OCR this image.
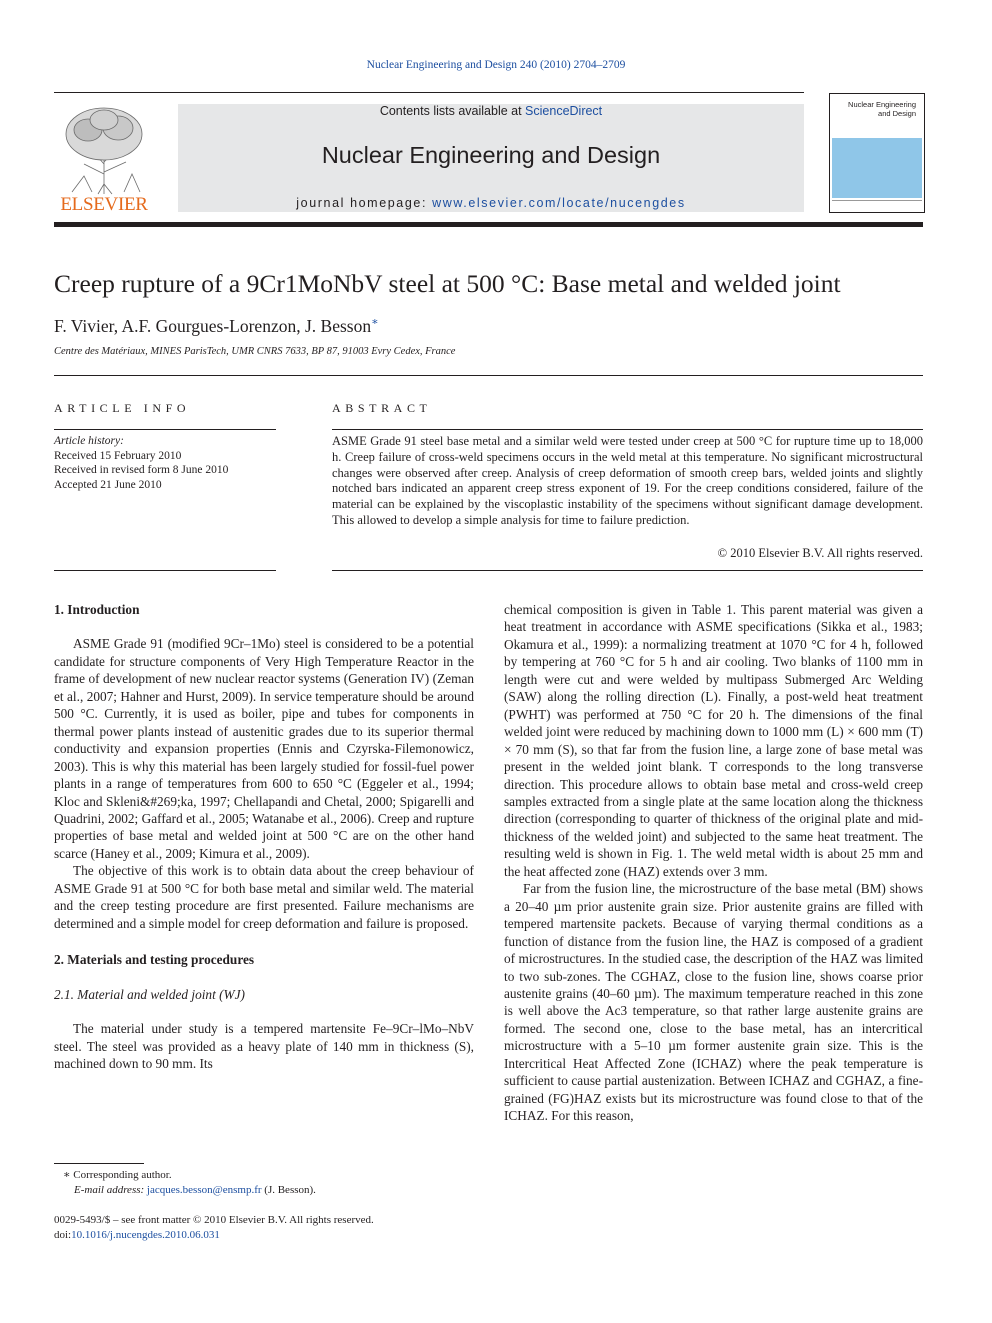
Nuclear Engineering and Design 240 (2010) 2704–2709
ELSEVIER
Contents lists available at ScienceDirect
Nuclear Engineering and Design
journal homepage: www.elsevier.com/locate/nucengdes
Nuclear Engineering and Design
Creep rupture of a 9Cr1MoNbV steel at 500 °C: Base metal and welded joint
F. Vivier, A.F. Gourgues-Lorenzon, J. Besson∗
Centre des Matériaux, MINES ParisTech, UMR CNRS 7633, BP 87, 91003 Evry Cedex, France
ARTICLE INFO
Article history:
Received 15 February 2010
Received in revised form 8 June 2010
Accepted 21 June 2010
ABSTRACT
ASME Grade 91 steel base metal and a similar weld were tested under creep at 500 °C for rupture time up to 18,000 h. Creep failure of cross-weld specimens occurs in the weld metal at this temperature. No significant microstructural changes were observed after creep. Analysis of creep deformation of smooth creep bars, welded joints and slightly notched bars indicated an apparent creep stress exponent of 19. For the creep conditions considered, failure of the material can be explained by the viscoplastic instability of the specimens without significant damage development. This allowed to develop a simple analysis for time to failure prediction.
© 2010 Elsevier B.V. All rights reserved.
1. Introduction

ASME Grade 91 (modified 9Cr–1Mo) steel is considered to be a potential candidate for structure components of Very High Temperature Reactor in the frame of development of new nuclear reactor systems (Generation IV) (Zeman et al., 2007; Hahner and Hurst, 2009). In service temperature should be around 500 °C. Currently, it is used as boiler, pipe and tubes for components in thermal power plants instead of austenitic grades due to its superior thermal conductivity and expansion properties (Ennis and Czyrska-Filemonowicz, 2003). This is why this material has been largely studied for fossil-fuel power plants in a range of temperatures from 600 to 650 °C (Eggeler et al., 1994; Kloc and Skleni&#269;ka, 1997; Chellapandi and Chetal, 2000; Spigarelli and Quadrini, 2002; Gaffard et al., 2005; Watanabe et al., 2006). Creep and rupture properties of base metal and welded joint at 500 °C are on the other hand scarce (Haney et al., 2009; Kimura et al., 2009).

The objective of this work is to obtain data about the creep behaviour of ASME Grade 91 at 500 °C for both base metal and similar weld. The material and the creep testing procedure are first presented. Failure mechanisms are determined and a simple model for creep deformation and failure is proposed.

2. Materials and testing procedures
2.1. Material and welded joint (WJ)

The material under study is a tempered martensite Fe–9Cr–lMo–NbV steel. The steel was provided as a heavy plate of 140 mm in thickness (S), machined down to 90 mm. Its

chemical composition is given in Table 1. This parent material was given a heat treatment in accordance with ASME specifications (Sikka et al., 1983; Okamura et al., 1999): a normalizing treatment at 1070 °C for 4 h, followed by tempering at 760 °C for 5 h and air cooling. Two blanks of 1100 mm in length were cut and were welded by multipass Submerged Arc Welding (SAW) along the rolling direction (L). Finally, a post-weld heat treatment (PWHT) was performed at 750 °C for 20 h. The dimensions of the final welded joint were reduced by machining down to 1000 mm (L) × 600 mm (T) × 70 mm (S), so that far from the fusion line, a large zone of base metal was present in the welded joint blank. T corresponds to the long transverse direction. This procedure allows to obtain base metal and cross-weld creep samples extracted from a single plate at the same location along the thickness direction (corresponding to quarter of thickness of the original plate and mid-thickness of the welded joint) and subjected to the same heat treatment. The resulting weld is shown in Fig. 1. The weld metal width is about 25 mm and the heat affected zone (HAZ) extends over 3 mm.

Far from the fusion line, the microstructure of the base metal (BM) shows a 20–40 µm prior austenite grain size. Prior austenite grains are filled with tempered martensite packets. Because of varying thermal conditions as a function of distance from the fusion line, the HAZ is composed of a gradient of microstructures. In the studied case, the description of the HAZ was limited to two sub-zones. The CGHAZ, close to the fusion line, shows coarse prior austenite grains (40–60 µm). The maximum temperature reached in this zone is well above the Ac3 temperature, so that rather large austenite grains are formed. The second one, close to the base metal, has an intercritical microstructure with a 5–10 µm former austenite grain size. This is the Intercritical Heat Affected Zone (ICHAZ) where the peak temperature is sufficient to cause partial austenization. Between ICHAZ and CGHAZ, a fine-grained (FG)HAZ exists but its microstructure was found close to that of the ICHAZ. For this reason,

∗ Corresponding author.
E-mail address: jacques.besson@ensmp.fr (J. Besson).
0029-5493/$ – see front matter © 2010 Elsevier B.V. All rights reserved.
doi:10.1016/j.nucengdes.2010.06.031
